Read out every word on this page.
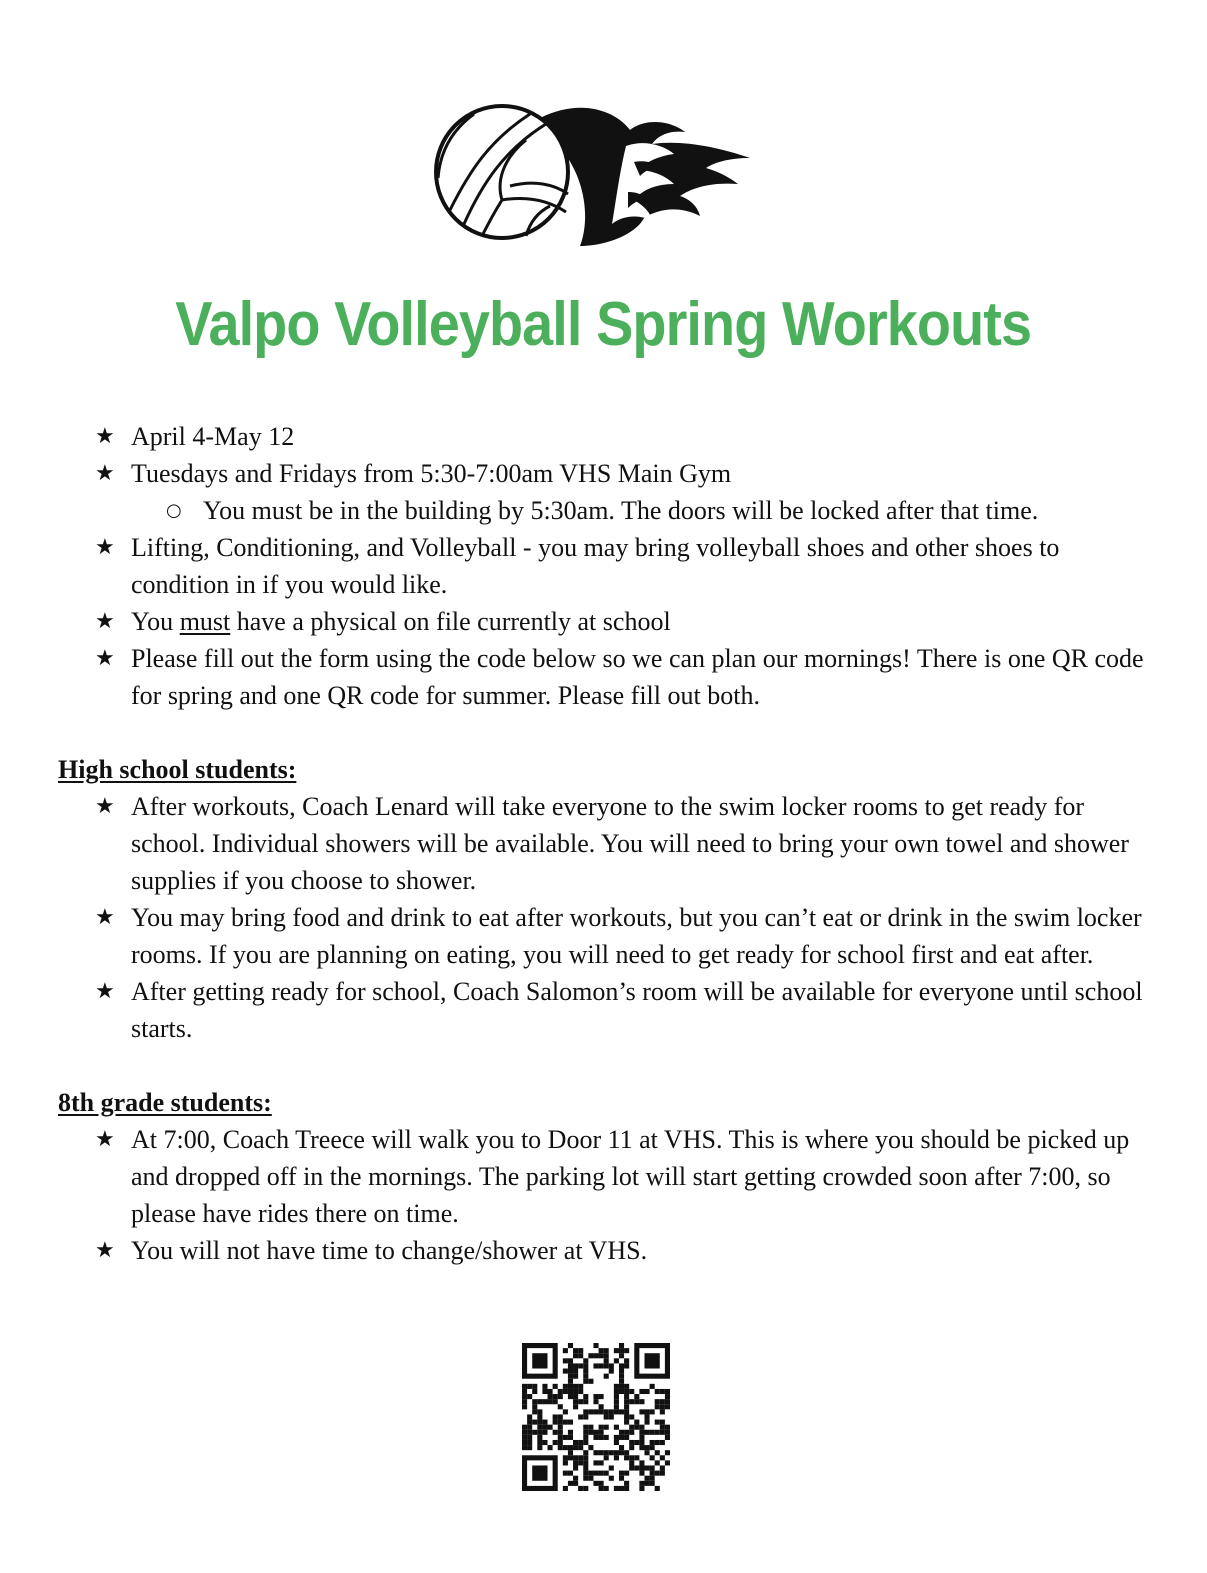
Valpo Volleyball Spring Workouts
★ April 4-May 12
★ Tuesdays and Fridays from 5:30-7:00am VHS Main Gym
○ You must be in the building by 5:30am. The doors will be locked after that time.
★ Lifting, Conditioning, and Volleyball - you may bring volleyball shoes and other shoes to condition in if you would like.
★ You must have a physical on file currently at school
★ Please fill out the form using the code below so we can plan our mornings! There is one QR code for spring and one QR code for summer. Please fill out both.
High school students:
★ After workouts, Coach Lenard will take everyone to the swim locker rooms to get ready for school. Individual showers will be available. You will need to bring your own towel and shower supplies if you choose to shower.
★ You may bring food and drink to eat after workouts, but you can’t eat or drink in the swim locker rooms. If you are planning on eating, you will need to get ready for school first and eat after.
★ After getting ready for school, Coach Salomon’s room will be available for everyone until school starts.
8th grade students:
★ At 7:00, Coach Treece will walk you to Door 11 at VHS. This is where you should be picked up and dropped off in the mornings. The parking lot will start getting crowded soon after 7:00, so please have rides there on time.
★ You will not have time to change/shower at VHS.
